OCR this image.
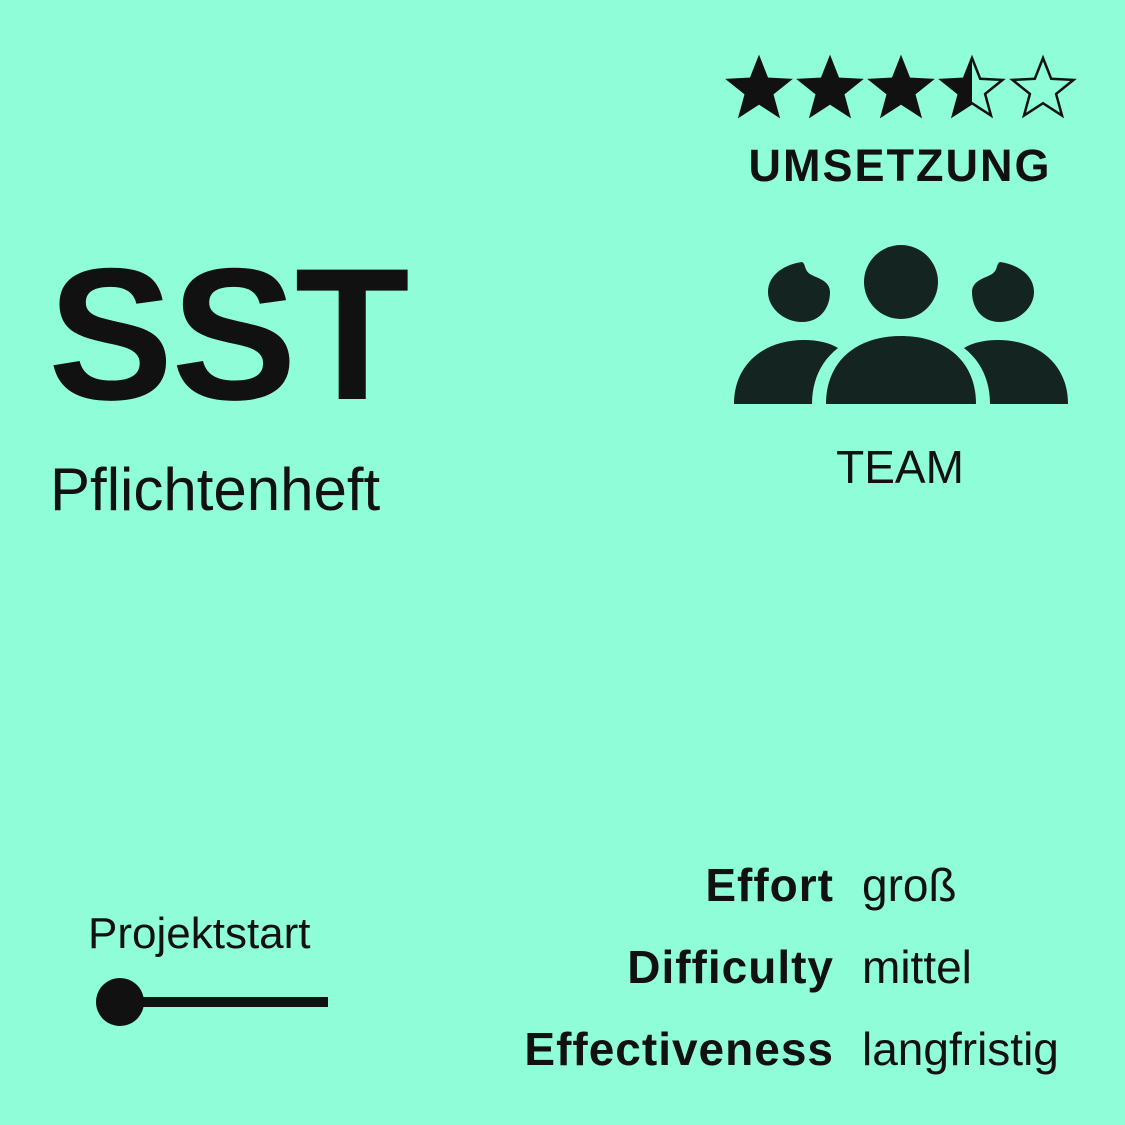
UMSETZUNG
TEAM
SST
Pflichtenheft
Projektstart
Effort groß
Difficulty mittel
Effectiveness langfristig
